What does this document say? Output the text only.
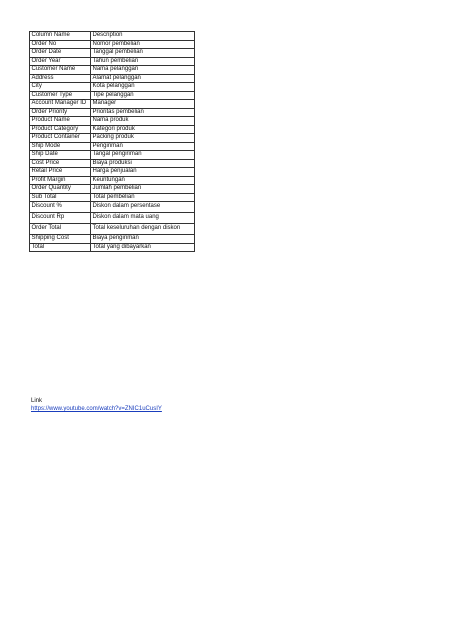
Column Name	Description
Order No	Nomor pembelian
Order Date	Tanggal pembelian
Order Year	Tahun pembelian
Customer Name	Nama pelanggan
Address	Alamat pelanggan
City	Kota pelanggan
Customer Type	Tipe pelanggan
Account Manager ID	Manager
Order Priority	Prioritas pembelian
Product Name	Nama produk
Product Category	Kategori produk
Product Container	Packing produk
Ship Mode	Pengiriman
Ship Date	Tangal pengiriman
Cost Price	Biaya produksi
Retail Price	Harga penjualan
Profit Margin	Keuntungan
Order Quantity	Jumlah pembelian
Sub Total	Total pembelian
Discount %	Diskon dalam persentase
Discount Rp	Diskon dalam mata uang
Order Total	Total keseluruhan dengan diskon
Shipping Cost	Biaya pengiriman
Total	Total yang dibayarkan
Link
https://www.youtube.com/watch?v=ZNIC1uCusIY
